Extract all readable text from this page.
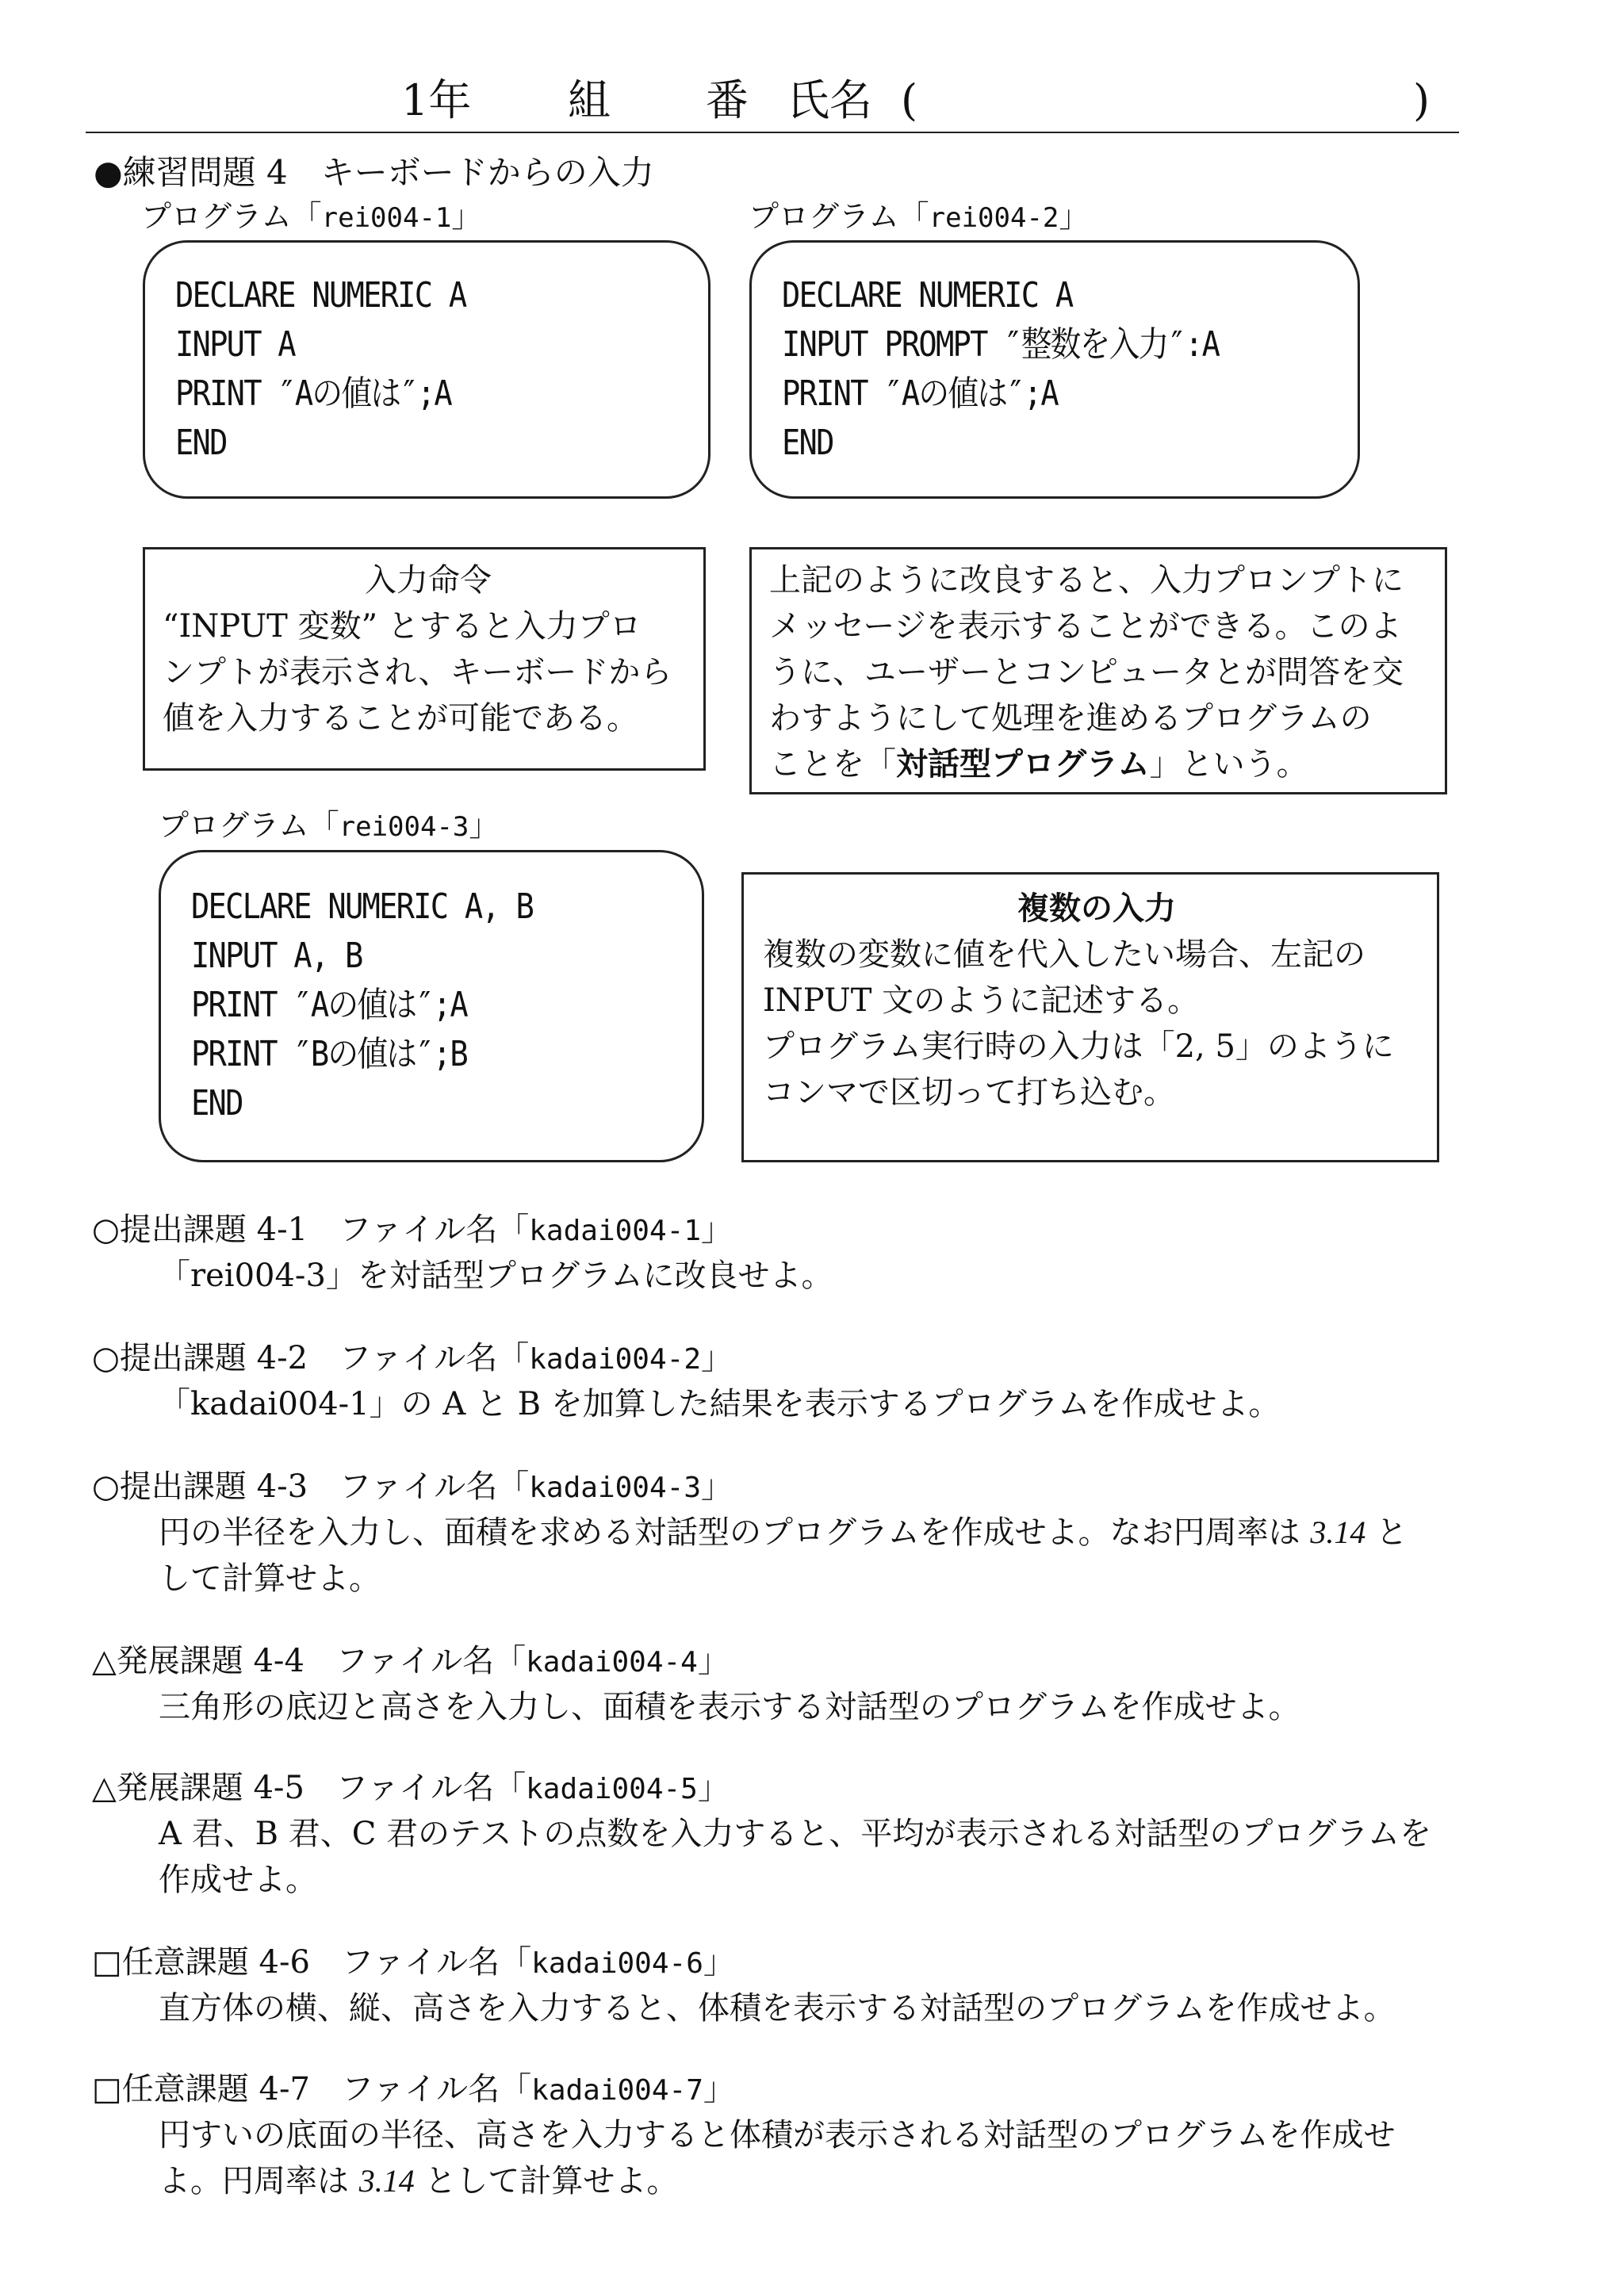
1年 組 番 氏名 (	)
●練習問題 4　キーボードからの入力
プログラム「rei004-1」
DECLARE NUMERIC A
INPUT A
PRINT ″Aの値は″;A
END
プログラム「rei004-2」
DECLARE NUMERIC A
INPUT PROMPT ″整数を入力″:A
PRINT ″Aの値は″;A
END
入力命令
“INPUT 変数” とすると入力プロ
ンプトが表示され、キーボードから
値を入力することが可能である。
上記のように改良すると、入力プロンプトに
メッセージを表示することができる。このよ
うに、ユーザーとコンピュータとが問答を交
わすようにして処理を進めるプログラムの
ことを「対話型プログラム」という。
プログラム「rei004-3」
DECLARE NUMERIC A, B
INPUT A, B
PRINT ″Aの値は″;A
PRINT ″Bの値は″;B
END
複数の入力
複数の変数に値を代入したい場合、左記の
INPUT 文のように記述する。
プログラム実行時の入力は「2, 5」のように
コンマで区切って打ち込む。
○提出課題 4-1　 ファイル名「kadai004-1」
「rei004-3」を対話型プログラムに改良せよ。
○提出課題 4-2　 ファイル名「kadai004-2」
「kadai004-1」の A と B を加算した結果を表示するプログラムを作成せよ。
○提出課題 4-3　 ファイル名「kadai004-3」
円の半径を入力し、面積を求める対話型のプログラムを作成せよ。なお円周率は 3.14 と
して計算せよ。
△発展課題 4-4　 ファイル名「kadai004-4」
三角形の底辺と高さを入力し、面積を表示する対話型のプログラムを作成せよ。
△発展課題 4-5　 ファイル名「kadai004-5」
A 君、B 君、C 君のテストの点数を入力すると、平均が表示される対話型のプログラムを
作成せよ。
□任意課題 4-6　 ファイル名「kadai004-6」
直方体の横、縦、高さを入力すると、体積を表示する対話型のプログラムを作成せよ。
□任意課題 4-7　 ファイル名「kadai004-7」
円すいの底面の半径、高さを入力すると体積が表示される対話型のプログラムを作成せ
よ。円周率は 3.14 として計算せよ。
